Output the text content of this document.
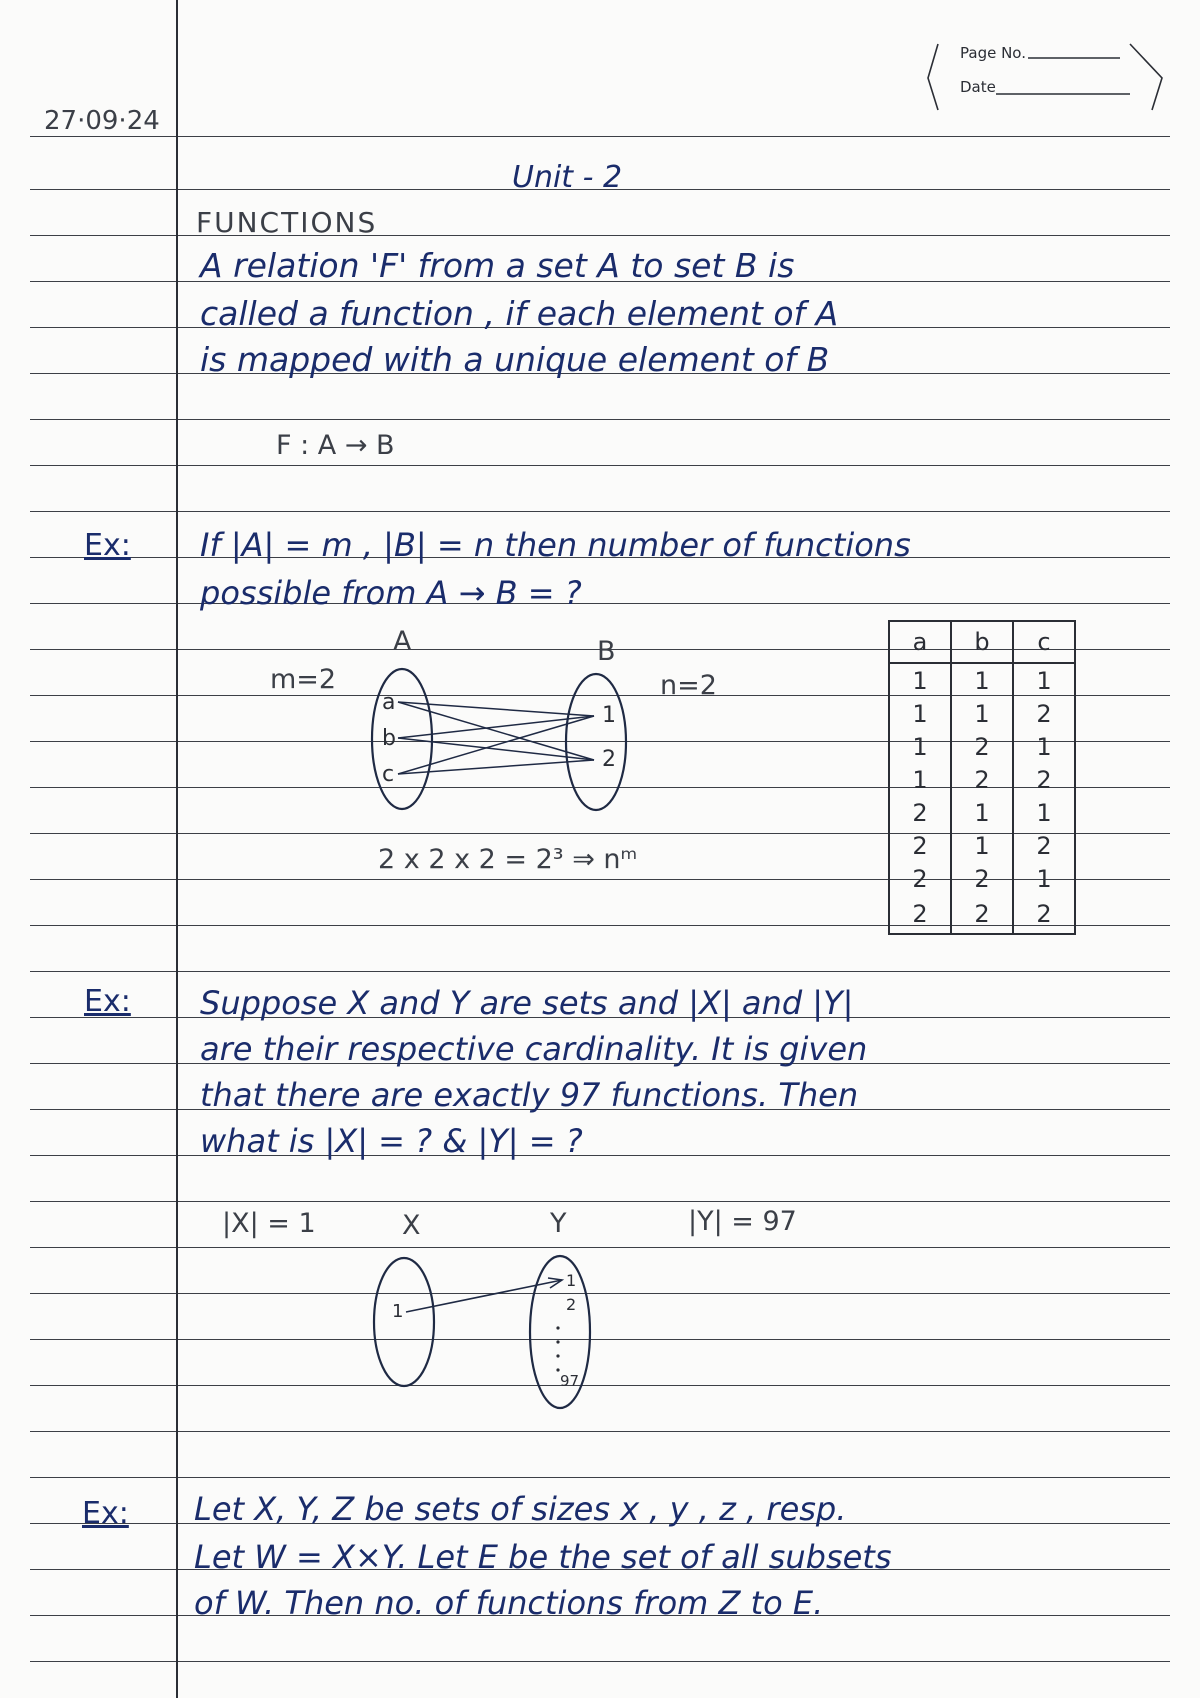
Page No.
Date
27·09·24
Unit - 2
FUNCTIONS
A relation 'F' from a set A to set B is
called a function , if each element of A
is mapped with a unique element of B
F : A → B
Ex: If |A| = m , |B| = n then number of functions
possible from A → B = ?
A	B
m=2	n=2
a
b
c
1
2
2 x 2 x 2 = 2³ ⇒ nᵐ
a	b	c
1	1	1
1	1	2
1	2	1
1	2	2
2	1	1
2	1	2
2	2	1
2	2	2
Ex: Suppose X and Y are sets and |X| and |Y|
are their respective cardinality. It is given
that there are exactly 97 functions. Then
what is |X| = ? & |Y| = ?
|X| = 1	X	Y	|Y| = 97
1
1
2
97
Ex: Let X, Y, Z be sets of sizes x , y , z , resp.
Let W = X×Y. Let E be the set of all subsets
of W. Then no. of functions from Z to E.
